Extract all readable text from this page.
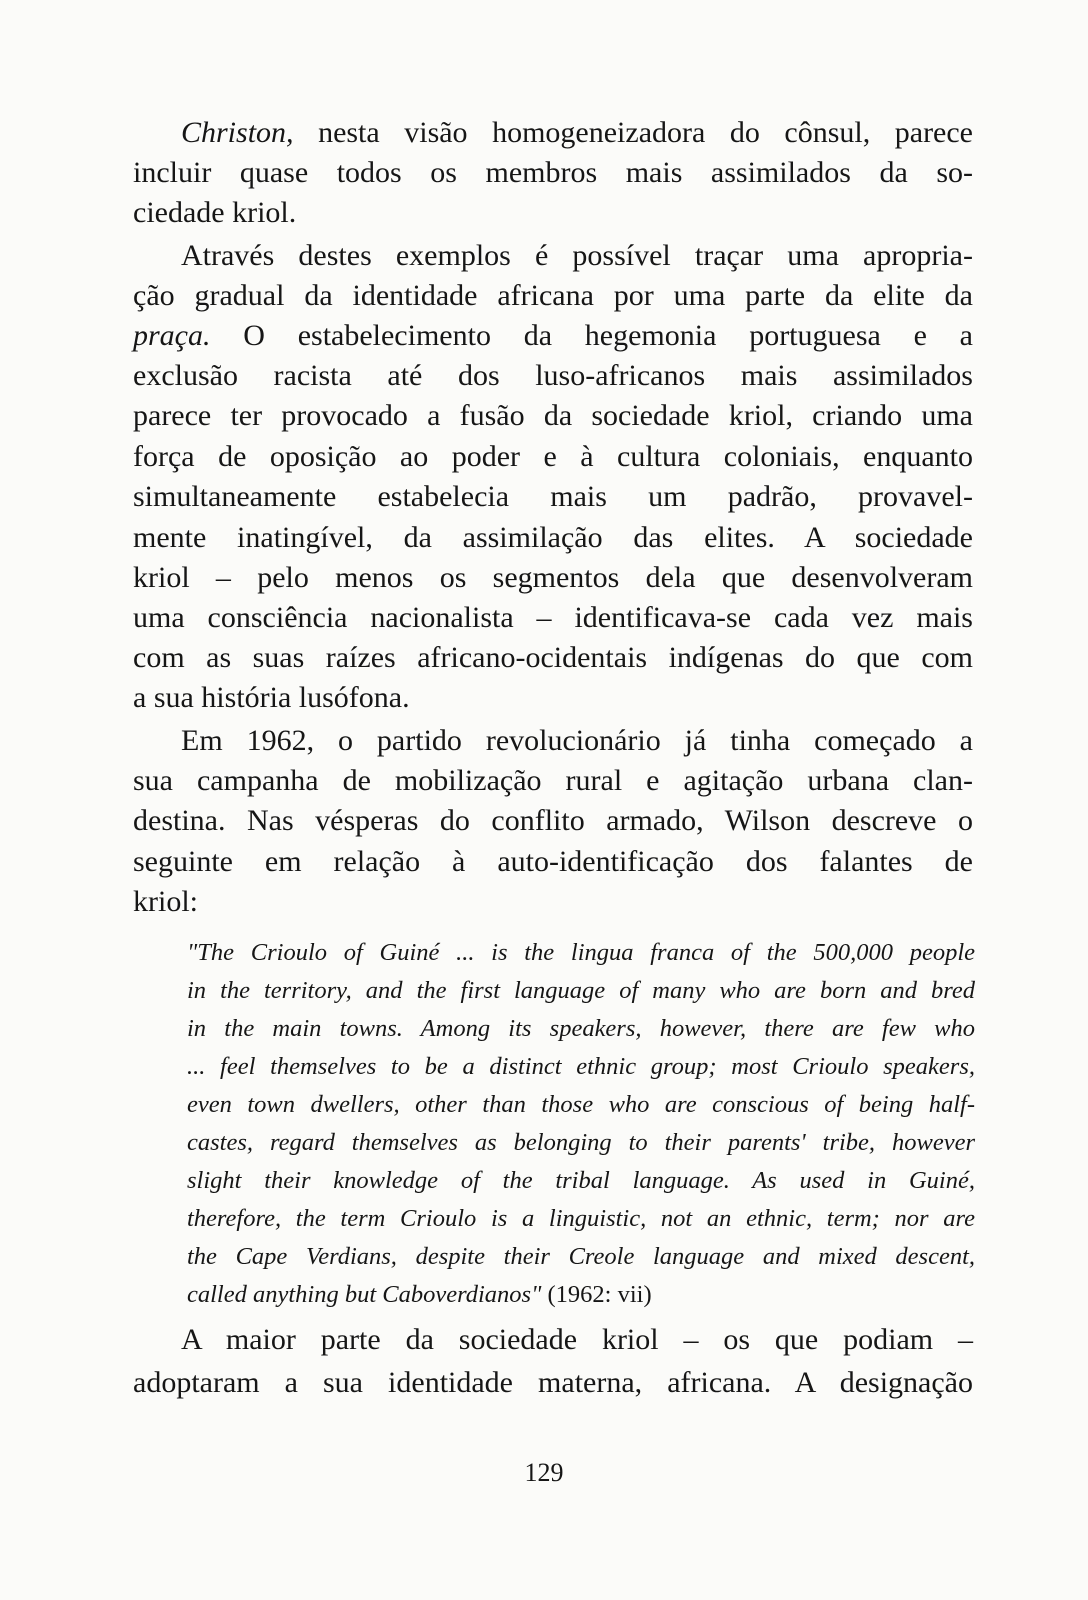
Christon, nesta visão homogeneizadora do cônsul, parece
incluir quase todos os membros mais assimilados da so-
ciedade kriol.
Através destes exemplos é possível traçar uma apropria-
ção gradual da identidade africana por uma parte da elite da
praça. O estabelecimento da hegemonia portuguesa e a
exclusão racista até dos luso-africanos mais assimilados
parece ter provocado a fusão da sociedade kriol, criando uma
força de oposição ao poder e à cultura coloniais, enquanto
simultaneamente estabelecia mais um padrão, provavel-
mente inatingível, da assimilação das elites. A sociedade
kriol – pelo menos os segmentos dela que desenvolveram
uma consciência nacionalista – identificava-se cada vez mais
com as suas raízes africano-ocidentais indígenas do que com
a sua história lusófona.
Em 1962, o partido revolucionário já tinha começado a
sua campanha de mobilização rural e agitação urbana clan-
destina. Nas vésperas do conflito armado, Wilson descreve o
seguinte em relação à auto-identificação dos falantes de
kriol:
"The Crioulo of Guiné ... is the lingua franca of the 500,000 people
in the territory, and the first language of many who are born and bred
in the main towns. Among its speakers, however, there are few who
... feel themselves to be a distinct ethnic group; most Crioulo speakers,
even town dwellers, other than those who are conscious of being half-
castes, regard themselves as belonging to their parents' tribe, however
slight their knowledge of the tribal language. As used in Guiné,
therefore, the term Crioulo is a linguistic, not an ethnic, term; nor are
the Cape Verdians, despite their Creole language and mixed descent,
called anything but Caboverdianos" (1962: vii)
A maior parte da sociedade kriol – os que podiam –
adoptaram a sua identidade materna, africana. A designação
129
